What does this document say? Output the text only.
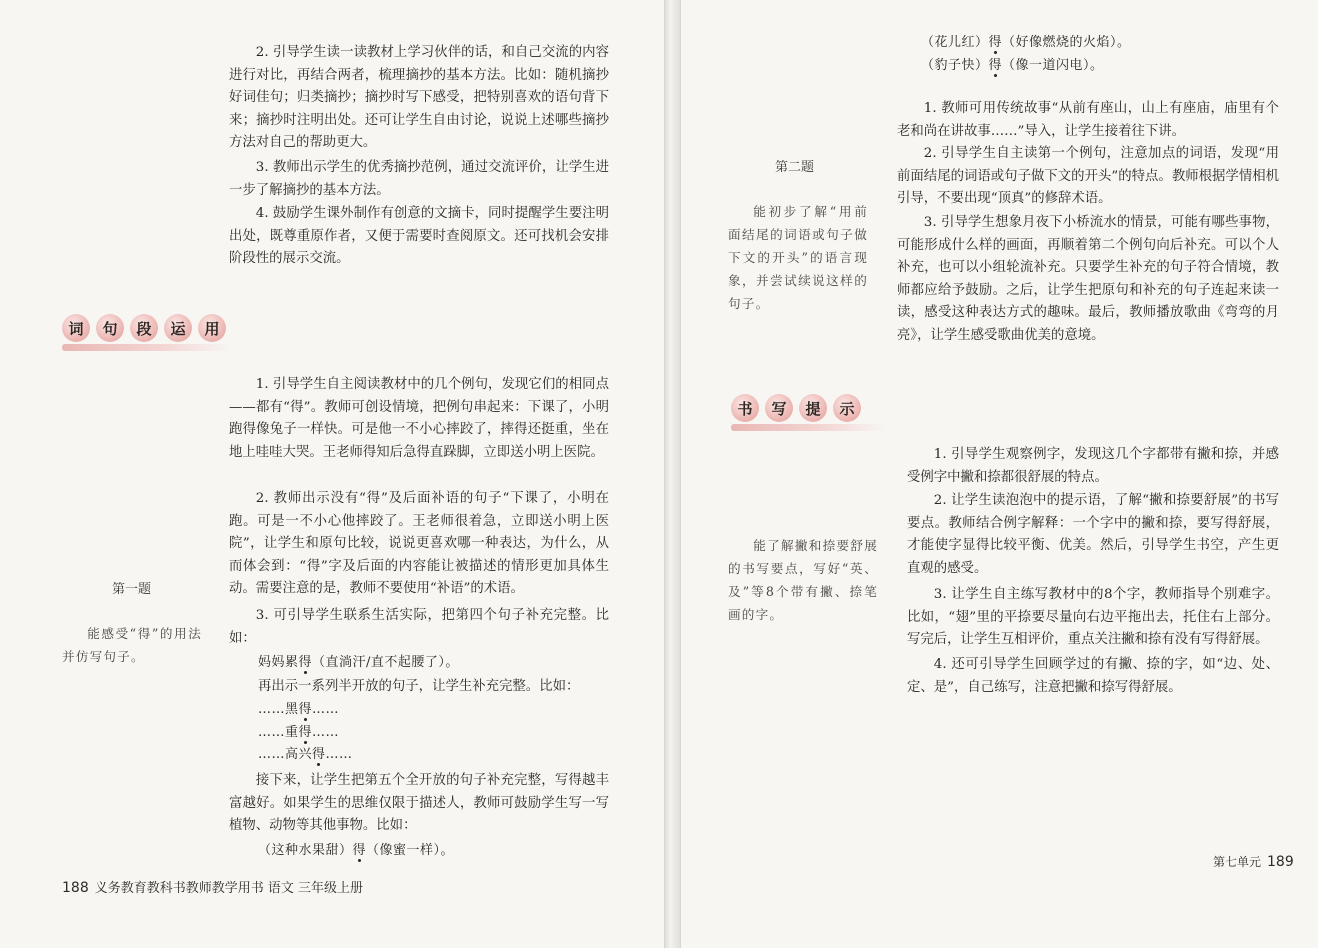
2. 引导学生读一读教材上学习伙伴的话，和自己交流的内容进行对比，再结合两者，梳理摘抄的基本方法。比如：随机摘抄好词佳句；归类摘抄；摘抄时写下感受，把特别喜欢的语句背下来；摘抄时注明出处。还可让学生自由讨论，说说上述哪些摘抄方法对自己的帮助更大。

3. 教师出示学生的优秀摘抄范例，通过交流评价，让学生进一步了解摘抄的基本方法。

4. 鼓励学生课外制作有创意的文摘卡，同时提醒学生要注明出处，既尊重原作者，又便于需要时查阅原文。还可找机会安排阶段性的展示交流。

词	句	段	运	用
第一题
能感受“得”的用法并仿写句子。

1. 引导学生自主阅读教材中的几个例句，发现它们的相同点——都有“得”。教师可创设情境，把例句串起来：下课了，小明跑得像兔子一样快。可是他一不小心摔跤了，摔得还挺重，坐在地上哇哇大哭。王老师得知后急得直跺脚，立即送小明上医院。

2. 教师出示没有“得”及后面补语的句子“下课了，小明在跑。可是一不小心他摔跤了。王老师很着急，立即送小明上医院”，让学生和原句比较，说说更喜欢哪一种表达，为什么，从而体会到：“得”字及后面的内容能让被描述的情形更加具体生动。需要注意的是，教师不要使用“补语”的术语。

3. 可引导学生联系生活实际，把第四个句子补充完整。比如：

妈妈累得（直淌汗/直不起腰了）。

再出示一系列半开放的句子，让学生补充完整。比如：

……黑得……
……重得……
……高兴得……

接下来，让学生把第五个全开放的句子补充完整，写得越丰富越好。如果学生的思维仅限于描述人，教师可鼓励学生写一写植物、动物等其他事物。比如：

（这种水果甜）得（像蜜一样）。
188 义务教育教科书教师教学用书 语文 三年级上册
（花儿红）得（好像燃烧的火焰）。
（豹子快）得（像一道闪电）。
第二题
能初步了解“用前面结尾的词语或句子做下文的开头”的语言现象，并尝试续说这样的句子。

1. 教师可用传统故事“从前有座山，山上有座庙，庙里有个老和尚在讲故事……”导入，让学生接着往下讲。

2. 引导学生自主读第一个例句，注意加点的词语，发现“用前面结尾的词语或句子做下文的开头”的特点。教师根据学情相机引导，不要出现“顶真”的修辞术语。

3. 引导学生想象月夜下小桥流水的情景，可能有哪些事物，可能形成什么样的画面，再顺着第二个例句向后补充。可以个人补充，也可以小组轮流补充。只要学生补充的句子符合情境，教师都应给予鼓励。之后，让学生把原句和补充的句子连起来读一读，感受这种表达方式的趣味。最后，教师播放歌曲《弯弯的月亮》，让学生感受歌曲优美的意境。

书	写	提	示
能了解撇和捺要舒展的书写要点，写好“英、及”等8个带有撇、捺笔画的字。

1. 引导学生观察例字，发现这几个字都带有撇和捺，并感受例字中撇和捺都很舒展的特点。

2. 让学生读泡泡中的提示语，了解“撇和捺要舒展”的书写要点。教师结合例字解释：一个字中的撇和捺，要写得舒展，才能使字显得比较平衡、优美。然后，引导学生书空，产生更直观的感受。

3. 让学生自主练写教材中的8个字，教师指导个别难字。比如，“翅”里的平捺要尽量向右边平拖出去，托住右上部分。写完后，让学生互相评价，重点关注撇和捺有没有写得舒展。

4. 还可引导学生回顾学过的有撇、捺的字，如“边、处、定、是”，自己练写，注意把撇和捺写得舒展。

第七单元 189
